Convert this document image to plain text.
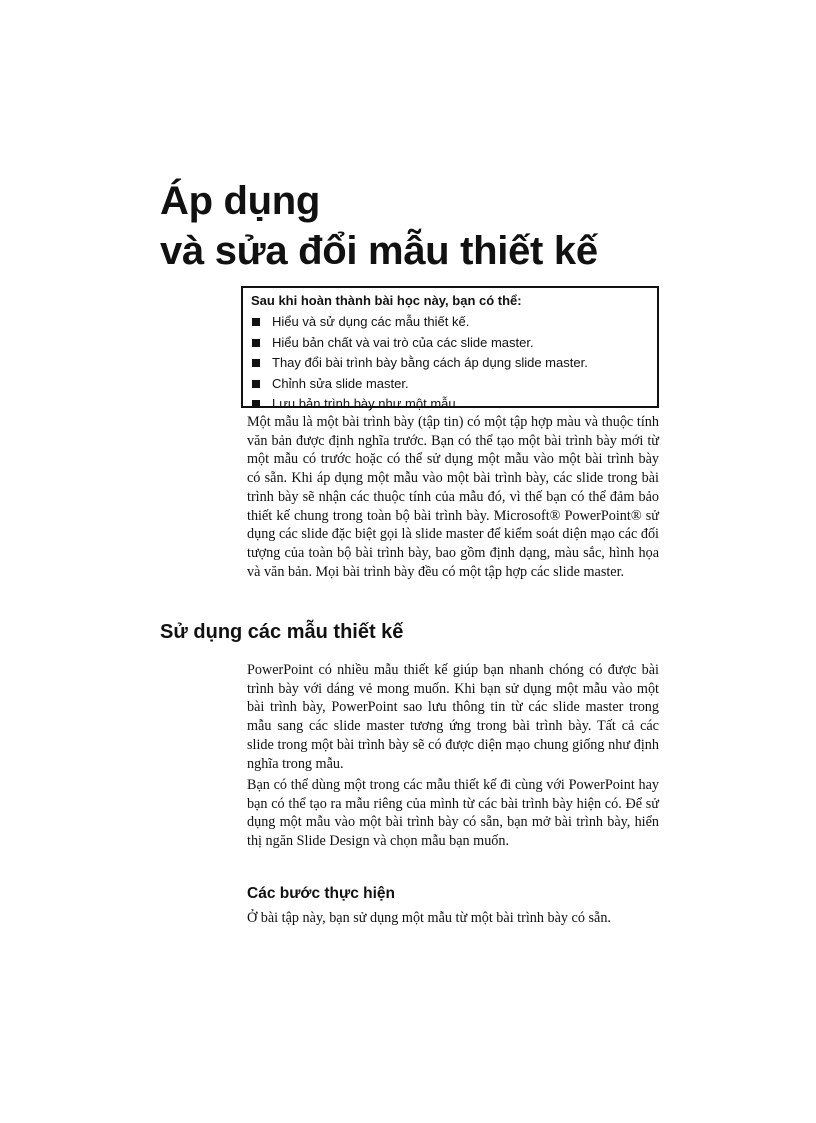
Áp dụng
và sửa đổi mẫu thiết kế

Sau khi hoàn thành bài học này, bạn có thể:

Hiểu và sử dụng các mẫu thiết kế.
Hiểu bản chất và vai trò của các slide master.
Thay đổi bài trình bày bằng cách áp dụng slide master.
Chỉnh sửa slide master.
Lưu bản trình bày như một mẫu.

Một mẫu là một bài trình bày (tập tin) có một tập hợp màu và thuộc tính văn bản được định nghĩa trước. Bạn có thể tạo một bài trình bày mới từ một mẫu có trước hoặc có thể sử dụng một mẫu vào một bài trình bày có sẵn. Khi áp dụng một mẫu vào một bài trình bày, các slide trong bài trình bày sẽ nhận các thuộc tính của mẫu đó, vì thế bạn có thể đảm bảo thiết kế chung trong toàn bộ bài trình bày. Microsoft® PowerPoint® sử dụng các slide đặc biệt gọi là slide master để kiểm soát diện mạo các đối tượng của toàn bộ bài trình bày, bao gồm định dạng, màu sắc, hình họa và văn bản. Mọi bài trình bày đều có một tập hợp các slide master.

Sử dụng các mẫu thiết kế

PowerPoint có nhiều mẫu thiết kế giúp bạn nhanh chóng có được bài trình bày với dáng vẻ mong muốn. Khi bạn sử dụng một mẫu vào một bài trình bày, PowerPoint sao lưu thông tin từ các slide master trong mẫu sang các slide master tương ứng trong bài trình bày. Tất cả các slide trong một bài trình bày sẽ có được diện mạo chung giống như định nghĩa trong mẫu.

Bạn có thể dùng một trong các mẫu thiết kế đi cùng với PowerPoint hay bạn có thể tạo ra mẫu riêng của mình từ các bài trình bày hiện có. Để sử dụng một mẫu vào một bài trình bày có sẵn, bạn mở bài trình bày, hiển thị ngăn Slide Design và chọn mẫu bạn muốn.

Các bước thực hiện

Ở bài tập này, bạn sử dụng một mẫu từ một bài trình bày có sẵn.
